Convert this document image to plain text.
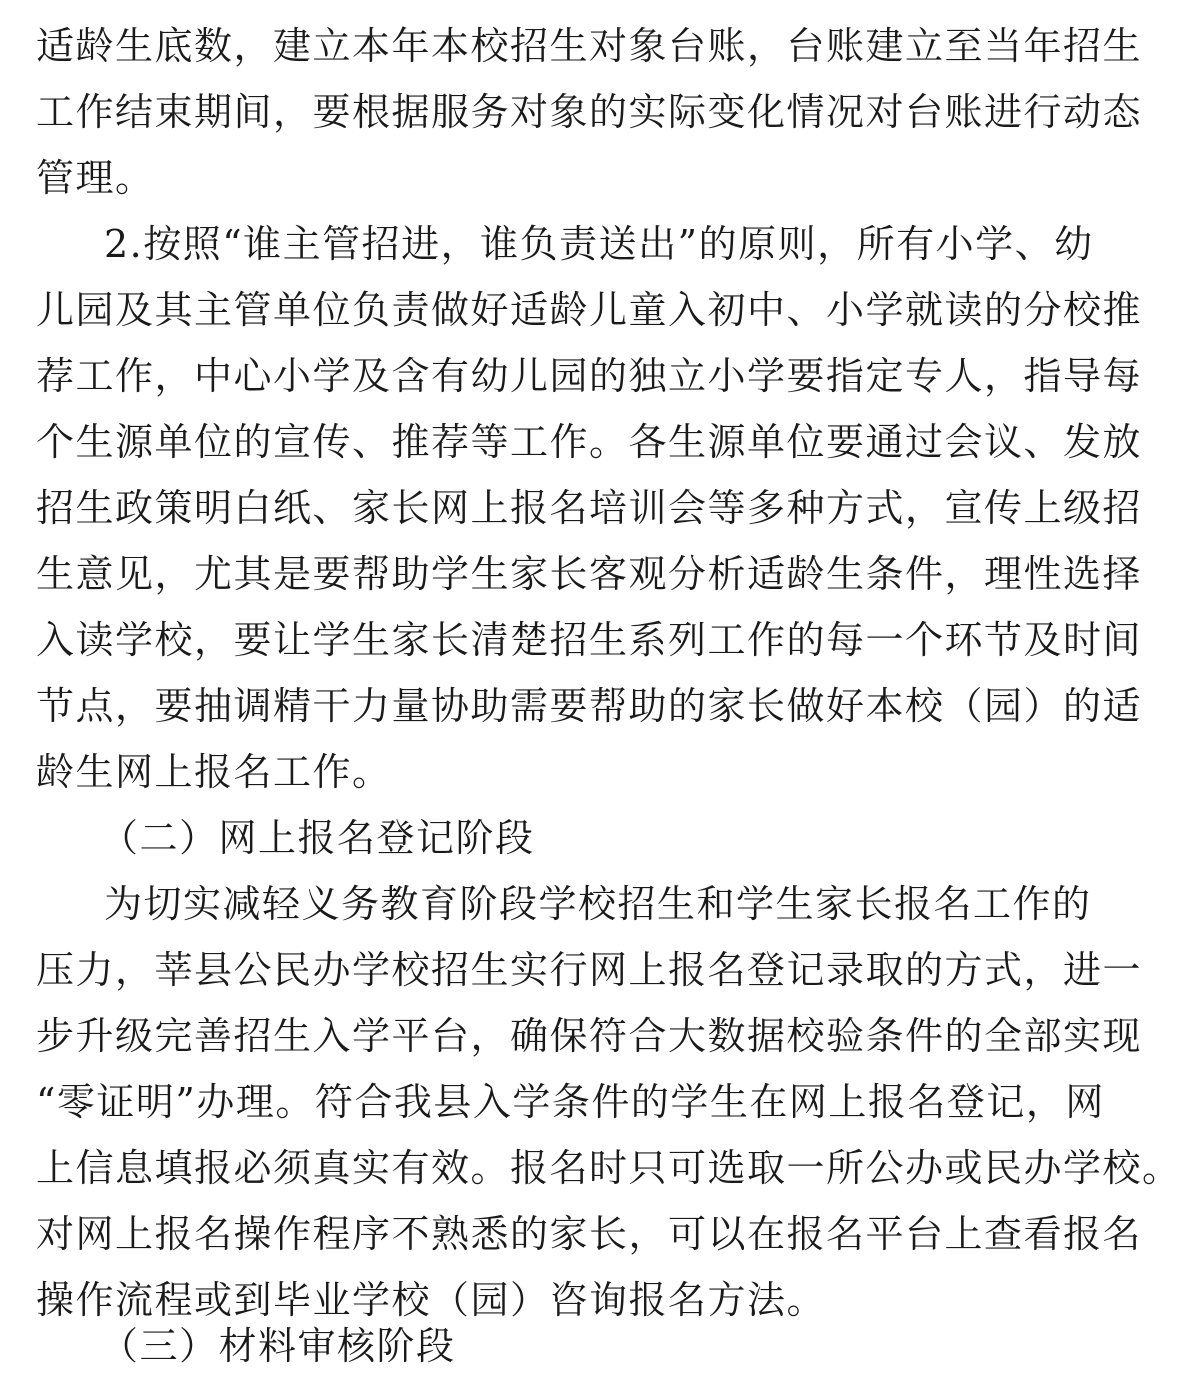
适龄生底数，建立本年本校招生对象台账，台账建立至当年招生
工作结束期间，要根据服务对象的实际变化情况对台账进行动态
管理。
2.按照“谁主管招进，谁负责送出”的原则，所有小学、幼
儿园及其主管单位负责做好适龄儿童入初中、小学就读的分校推
荐工作，中心小学及含有幼儿园的独立小学要指定专人，指导每
个生源单位的宣传、推荐等工作。各生源单位要通过会议、发放
招生政策明白纸、家长网上报名培训会等多种方式，宣传上级招
生意见，尤其是要帮助学生家长客观分析适龄生条件，理性选择
入读学校，要让学生家长清楚招生系列工作的每一个环节及时间
节点，要抽调精干力量协助需要帮助的家长做好本校（园）的适
龄生网上报名工作。
（二）网上报名登记阶段
为切实减轻义务教育阶段学校招生和学生家长报名工作的
压力，莘县公民办学校招生实行网上报名登记录取的方式，进一
步升级完善招生入学平台，确保符合大数据校验条件的全部实现
“零证明”办理。符合我县入学条件的学生在网上报名登记，网
上信息填报必须真实有效。报名时只可选取一所公办或民办学校。
对网上报名操作程序不熟悉的家长，可以在报名平台上查看报名
操作流程或到毕业学校（园）咨询报名方法。
（三）材料审核阶段
